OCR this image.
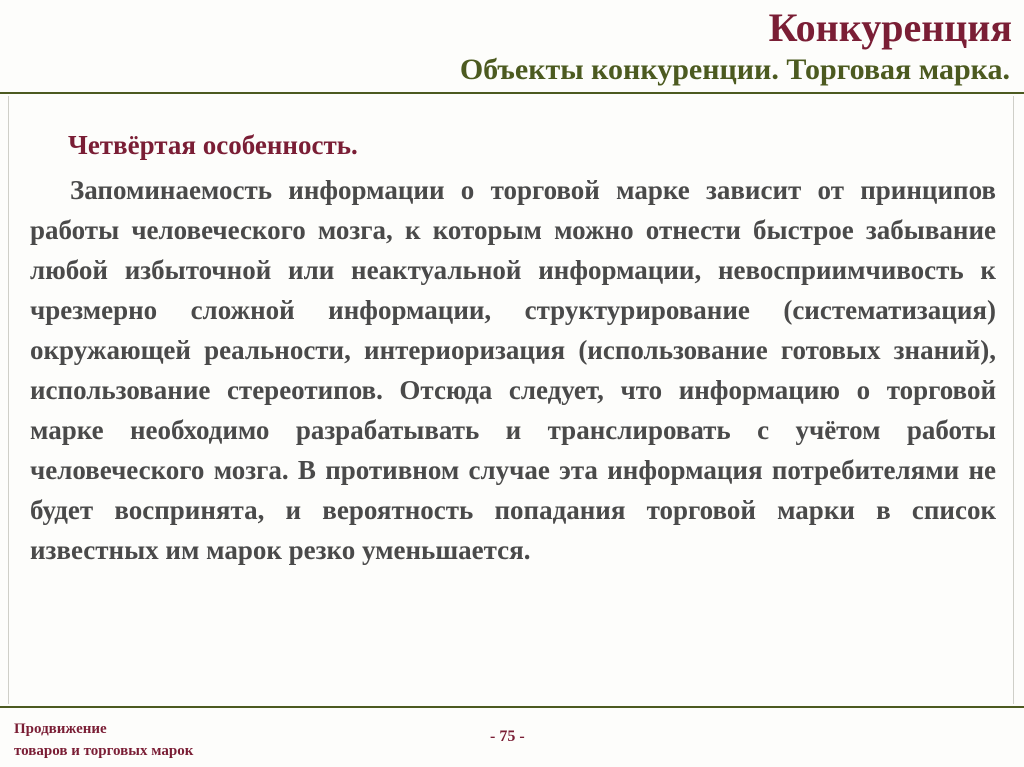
Конкуренция
Объекты конкуренции. Торговая марка.

Четвёртая особенность.

Запоминаемость информации о торговой марке зависит от принципов работы человеческого мозга, к которым можно отнести быстрое забывание любой избыточной или неактуальной информации, невосприимчивость к чрезмерно сложной информации, структурирование (систематизация) окружающей реальности, интериоризация (использование готовых знаний), использование стереотипов. Отсюда следует, что информацию о торговой марке необходимо разрабатывать и транслировать с учётом работы человеческого мозга. В противном случае эта информация потребителями не будет воспринята, и вероятность попадания торговой марки в список известных им марок резко уменьшается.

Продвижение
товаров и торговых марок
- 75 -
